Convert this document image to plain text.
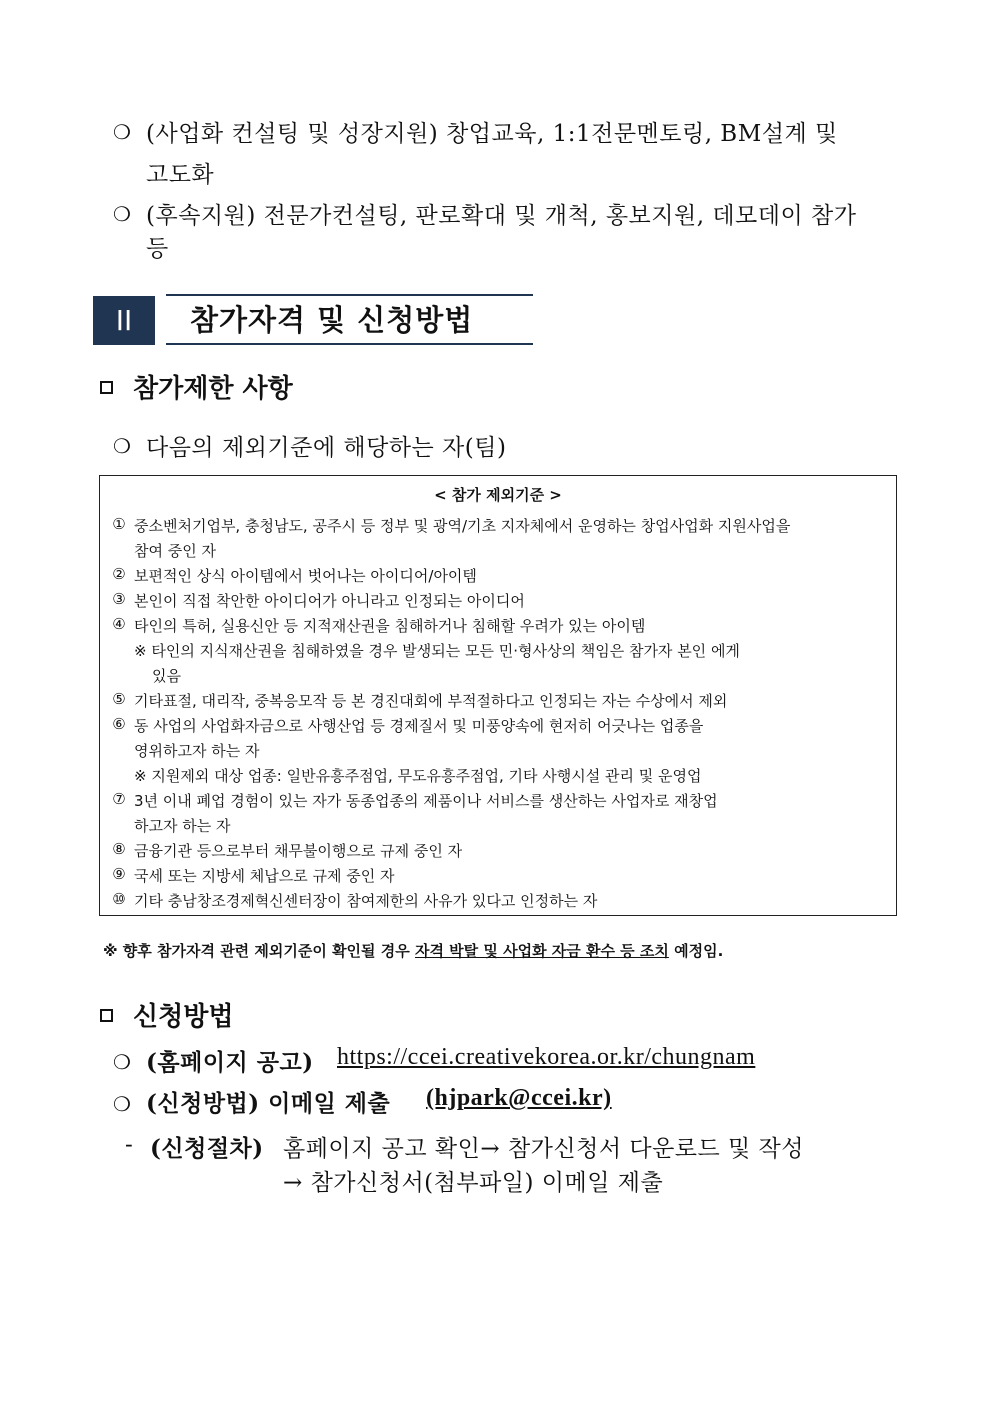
❍ (사업화 컨설팅 및 성장지원) 창업교육, 1:1전문멘토링, BM설계 및
고도화
❍ (후속지원) 전문가컨설팅, 판로확대 및 개척, 홍보지원, 데모데이 참가 등
II	참가자격 및 신청방법
참가제한 사항
❍ 다음의 제외기준에 해당하는 자(팀)
< 참가 제외기준 >
① 중소벤처기업부, 충청남도, 공주시 등 정부 및 광역/기초 지자체에서 운영하는 창업사업화 지원사업을
참여 중인 자
② 보편적인 상식 아이템에서 벗어나는 아이디어/아이템
③ 본인이 직접 착안한 아이디어가 아니라고 인정되는 아이디어
④ 타인의 특허, 실용신안 등 지적재산권을 침해하거나 침해할 우려가 있는 아이템
※ 타인의 지식재산권을 침해하였을 경우 발생되는 모든 민·형사상의 책임은 참가자 본인 에게
있음
⑤ 기타표절, 대리작, 중복응모작 등 본 경진대회에 부적절하다고 인정되는 자는 수상에서 제외
⑥ 동 사업의 사업화자금으로 사행산업 등 경제질서 및 미풍양속에 현저히 어긋나는 업종을
영위하고자 하는 자
※ 지원제외 대상 업종: 일반유흥주점업, 무도유흥주점업, 기타 사행시설 관리 및 운영업
⑦ 3년 이내 폐업 경험이 있는 자가 동종업종의 제품이나 서비스를 생산하는 사업자로 재창업
하고자 하는 자
⑧ 금융기관 등으로부터 채무불이행으로 규제 중인 자
⑨ 국세 또는 지방세 체납으로 규제 중인 자
⑩ 기타 충남창조경제혁신센터장이 참여제한의 사유가 있다고 인정하는 자
※ 향후 참가자격 관련 제외기준이 확인될 경우 자격 박탈 및 사업화 자금 환수 등 조치 예정임.
신청방법
❍ (홈페이지 공고) https://ccei.creativekorea.or.kr/chungnam
❍ (신청방법) 이메일 제출 (hjpark@ccei.kr)
- (신청절차) 홈페이지 공고 확인→ 참가신청서 다운로드 및 작성
→ 참가신청서(첨부파일) 이메일 제출
